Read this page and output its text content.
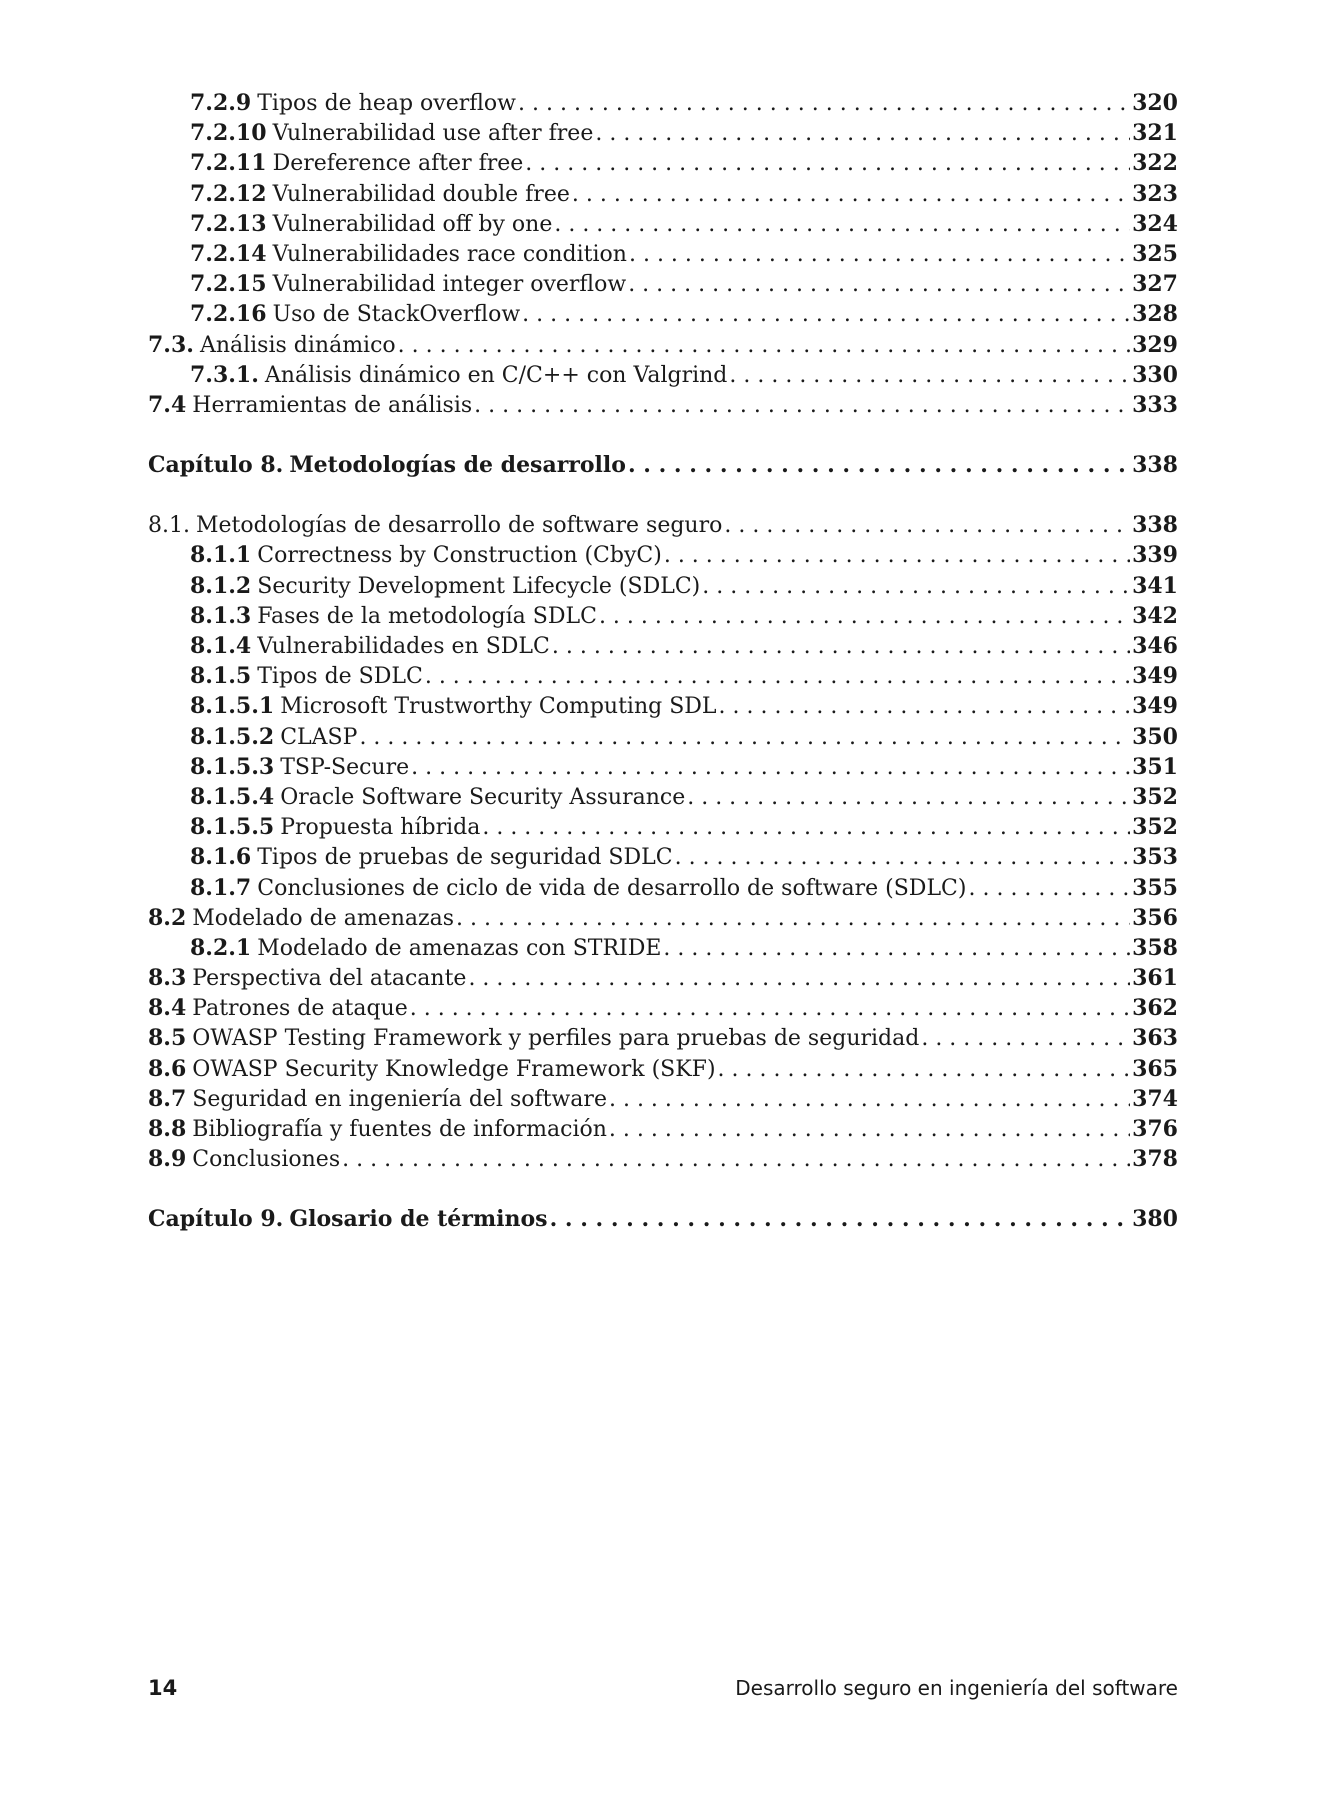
7.2.9 Tipos de heap overflow . . .	320
7.2.10 Vulnerabilidad use after free . . .	321
7.2.11 Dereference after free . . .	322
7.2.12 Vulnerabilidad double free . . .	323
7.2.13 Vulnerabilidad off by one . . .	324
7.2.14 Vulnerabilidades race condition . . .	325
7.2.15 Vulnerabilidad integer overflow . . .	327
7.2.16 Uso de StackOverflow . . .	328
7.3. Análisis dinámico . . .	329
7.3.1. Análisis dinámico en C/C++ con Valgrind . . .	330
7.4 Herramientas de análisis . . .	333
Capítulo 8. Metodologías de desarrollo . . .	338
8.1. Metodologías de desarrollo de software seguro . . .	338
8.1.1 Correctness by Construction (CbyC) . . .	339
8.1.2 Security Development Lifecycle (SDLC) . . .	341
8.1.3 Fases de la metodología SDLC . . .	342
8.1.4 Vulnerabilidades en SDLC . . .	346
8.1.5 Tipos de SDLC . . .	349
8.1.5.1 Microsoft Trustworthy Computing SDL . . .	349
8.1.5.2 CLASP . . .	350
8.1.5.3 TSP-Secure . . .	351
8.1.5.4 Oracle Software Security Assurance . . .	352
8.1.5.5 Propuesta híbrida . . .	352
8.1.6 Tipos de pruebas de seguridad SDLC . . .	353
8.1.7 Conclusiones de ciclo de vida de desarrollo de software (SDLC) . . .	355
8.2 Modelado de amenazas . . .	356
8.2.1 Modelado de amenazas con STRIDE . . .	358
8.3 Perspectiva del atacante . . .	361
8.4 Patrones de ataque . . .	362
8.5 OWASP Testing Framework y perfiles para pruebas de seguridad . . .	363
8.6 OWASP Security Knowledge Framework (SKF) . . .	365
8.7 Seguridad en ingeniería del software . . .	374
8.8 Bibliografía y fuentes de información . . .	376
8.9 Conclusiones . . .	378
Capítulo 9. Glosario de términos . . .	380
14	Desarrollo seguro en ingeniería del software
